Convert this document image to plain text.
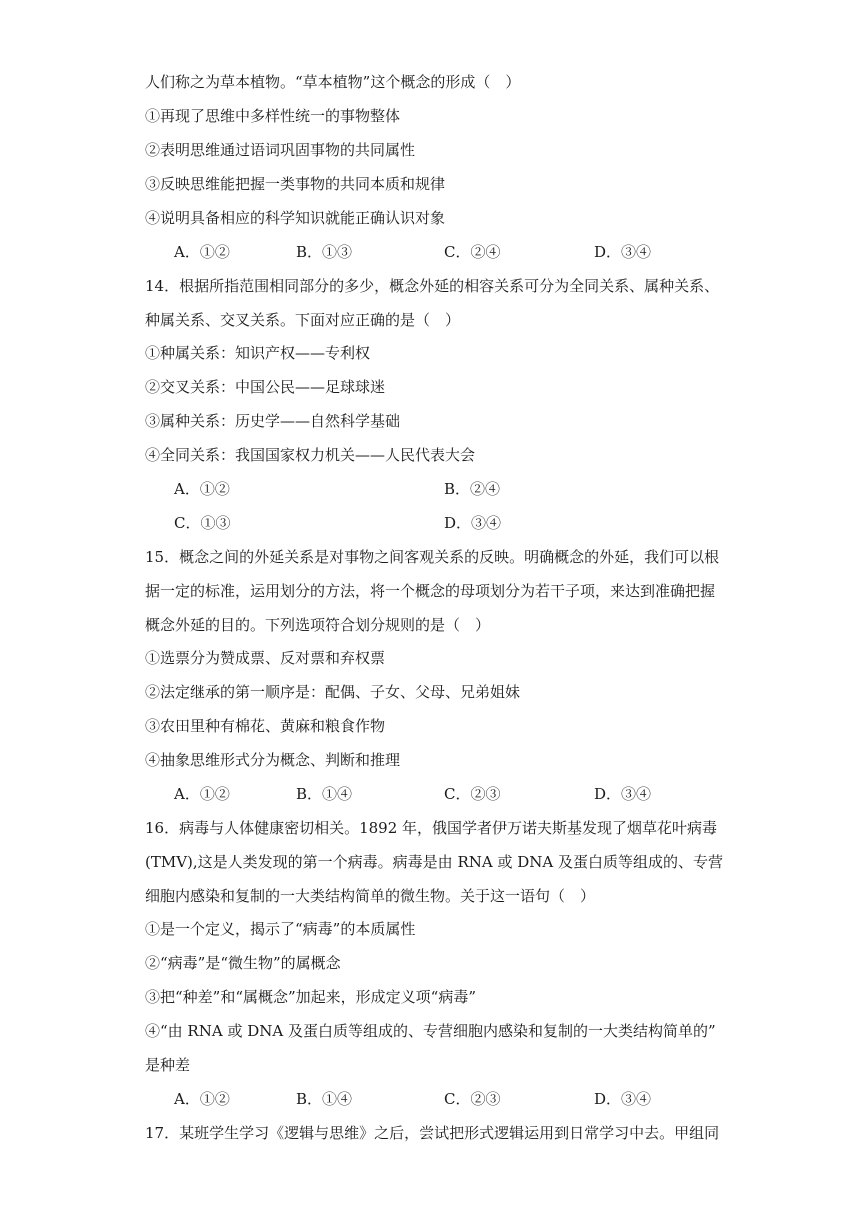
人们称之为草本植物。“草本植物”这个概念的形成（　）
①再现了思维中多样性统一的事物整体
②表明思维通过语词巩固事物的共同属性
③反映思维能把握一类事物的共同本质和规律
④说明具备相应的科学知识就能正确认识对象
A．①②	B．①③	C．②④	D．③④
14．根据所指范围相同部分的多少，概念外延的相容关系可分为全同关系、属种关系、
种属关系、交叉关系。下面对应正确的是（　）
①种属关系：知识产权——专利权
②交叉关系：中国公民——足球球迷
③属种关系：历史学——自然科学基础
④全同关系：我国国家权力机关——人民代表大会
A．①②	B．②④
C．①③	D．③④
15．概念之间的外延关系是对事物之间客观关系的反映。明确概念的外延，我们可以根
据一定的标准，运用划分的方法，将一个概念的母项划分为若干子项，来达到准确把握
概念外延的目的。下列选项符合划分规则的是（　）
①选票分为赞成票、反对票和弃权票
②法定继承的第一顺序是：配偶、子女、父母、兄弟姐妹
③农田里种有棉花、黄麻和粮食作物
④抽象思维形式分为概念、判断和推理
A．①②	B．①④	C．②③	D．③④
16．病毒与人体健康密切相关。1892 年，俄国学者伊万诺夫斯基发现了烟草花叶病毒
(TMV),这是人类发现的第一个病毒。病毒是由 RNA 或 DNA 及蛋白质等组成的、专营
细胞内感染和复制的一大类结构简单的微生物。关于这一语句（　）
①是一个定义，揭示了“病毒”的本质属性
②“病毒”是“微生物”的属概念
③把“种差”和“属概念”加起来，形成定义项“病毒”
④“由 RNA 或 DNA 及蛋白质等组成的、专营细胞内感染和复制的一大类结构简单的”
是种差
A．①②	B．①④	C．②③	D．③④
17．某班学生学习《逻辑与思维》之后，尝试把形式逻辑运用到日常学习中去。甲组同
